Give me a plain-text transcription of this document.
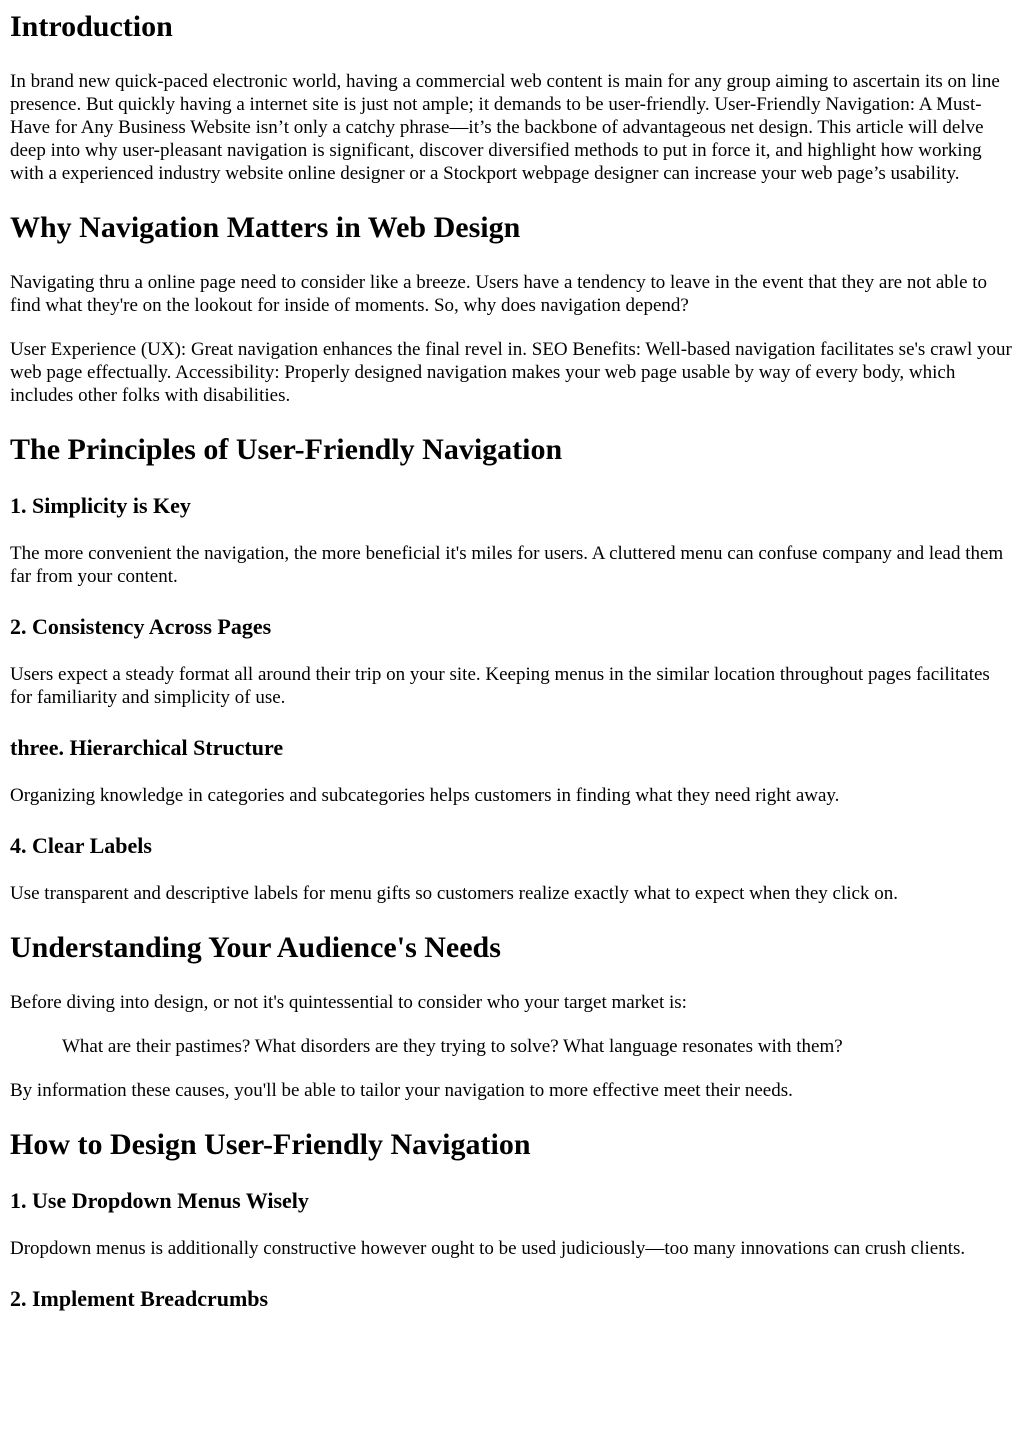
Introduction

In brand new quick-paced electronic world, having a commercial web content is main for any group aiming to ascertain its on line presence. But quickly having a internet site is just not ample; it demands to be user-friendly. User-Friendly Navigation: A Must-Have for Any Business Website isn’t only a catchy phrase—it’s the backbone of advantageous net design. This article will delve deep into why user-pleasant navigation is significant, discover diversified methods to put in force it, and highlight how working with a experienced industry website online designer or a Stockport webpage designer can increase your web page’s usability.

Why Navigation Matters in Web Design

Navigating thru a online page need to consider like a breeze. Users have a tendency to leave in the event that they are not able to find what they're on the lookout for inside of moments. So, why does navigation depend?

User Experience (UX): Great navigation enhances the final revel in. SEO Benefits: Well-based navigation facilitates se's crawl your web page effectually. Accessibility: Properly designed navigation makes your web page usable by way of every body, which includes other folks with disabilities.

The Principles of User-Friendly Navigation
1. Simplicity is Key

The more convenient the navigation, the more beneficial it's miles for users. A cluttered menu can confuse company and lead them far from your content.

2. Consistency Across Pages

Users expect a steady format all around their trip on your site. Keeping menus in the similar location throughout pages facilitates for familiarity and simplicity of use.

three. Hierarchical Structure

Organizing knowledge in categories and subcategories helps customers in finding what they need right away.

4. Clear Labels

Use transparent and descriptive labels for menu gifts so customers realize exactly what to expect when they click on.

Understanding Your Audience's Needs

Before diving into design, or not it's quintessential to consider who your target market is:

What are their pastimes? What disorders are they trying to solve? What language resonates with them?

By information these causes, you'll be able to tailor your navigation to more effective meet their needs.

How to Design User-Friendly Navigation
1. Use Dropdown Menus Wisely

Dropdown menus is additionally constructive however ought to be used judiciously—too many innovations can crush clients.

2. Implement Breadcrumbs
